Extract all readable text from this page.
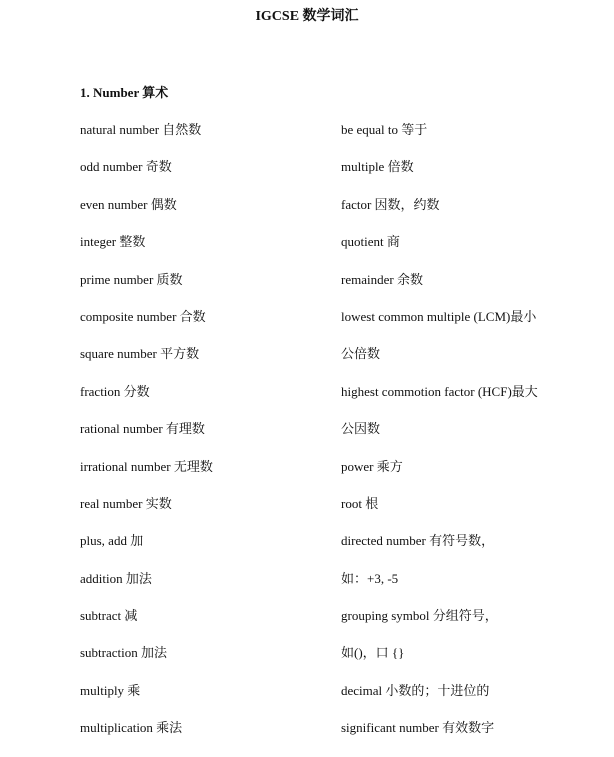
IGCSE 数学词汇
1. Number 算术
natural number 自然数
odd number 奇数
even number 偶数
integer 整数
prime number 质数
composite number 合数
square number 平方数
fraction 分数
rational number 有理数
irrational number 无理数
real number 实数
plus, add 加
addition 加法
subtract 减
subtraction 加法
multiply 乘
multiplication 乘法
be equal to 等于
multiple 倍数
factor 因数，约数
quotient 商
remainder 余数
lowest common multiple (LCM)最小
公倍数
highest commotion factor (HCF)最大
公因数
power 乘方
root 根
directed number 有符号数，
如：+3, -5
grouping symbol 分组符号，
如()，口 {}
decimal 小数的；十进位的
significant number 有效数字
